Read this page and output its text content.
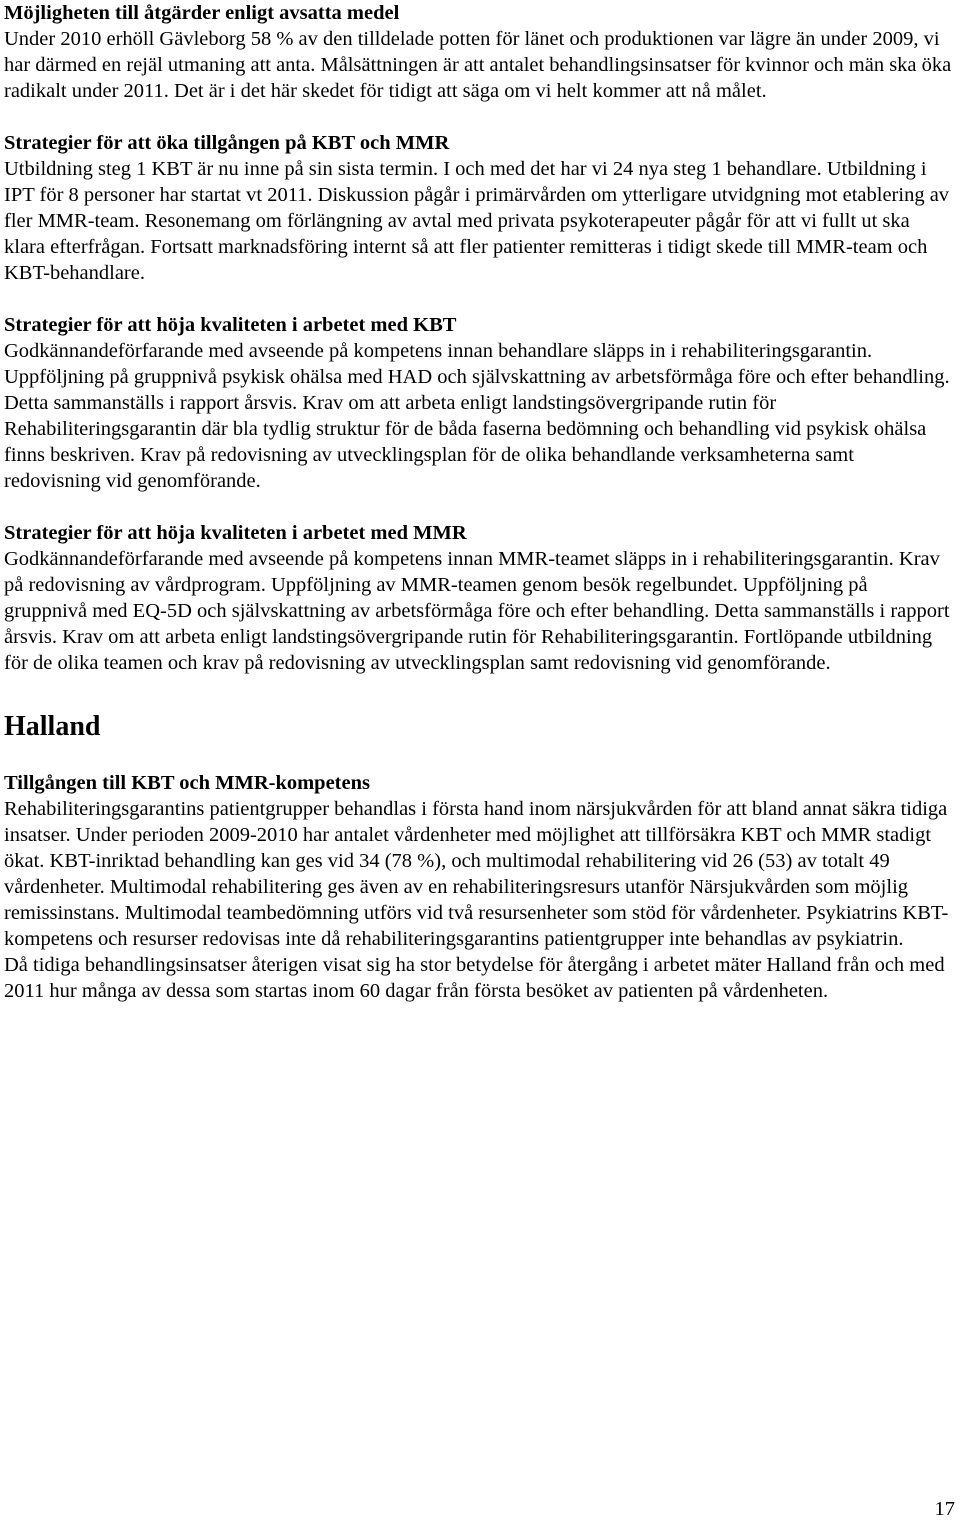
Möjligheten till åtgärder enligt avsatta medel

Under 2010 erhöll Gävleborg 58 % av den tilldelade potten för länet och produktionen var lägre än under 2009, vi har därmed en rejäl utmaning att anta. Målsättningen är att antalet behandlingsinsatser för kvinnor och män ska öka radikalt under 2011. Det är i det här skedet för tidigt att säga om vi helt kommer att nå målet.

Strategier för att öka tillgången på KBT och MMR

Utbildning steg 1 KBT är nu inne på sin sista termin. I och med det har vi 24 nya steg 1 behandlare. Utbildning i IPT för 8 personer har startat vt 2011. Diskussion pågår i primärvården om ytterligare utvidgning mot etablering av fler MMR-team. Resonemang om förlängning av avtal med privata psykoterapeuter pågår för att vi fullt ut ska klara efterfrågan. Fortsatt marknadsföring internt så att fler patienter remitteras i tidigt skede till MMR-team och KBT-behandlare.

Strategier för att höja kvaliteten i arbetet med KBT

Godkännandeförfarande med avseende på kompetens innan behandlare släpps in i rehabiliteringsgarantin. Uppföljning på gruppnivå psykisk ohälsa med HAD och självskattning av arbetsförmåga före och efter behandling. Detta sammanställs i rapport årsvis. Krav om att arbeta enligt landstingsövergripande rutin för Rehabiliteringsgarantin där bla tydlig struktur för de båda faserna bedömning och behandling vid psykisk ohälsa finns beskriven. Krav på redovisning av utvecklingsplan för de olika behandlande verksamheterna samt redovisning vid genomförande.

Strategier för att höja kvaliteten i arbetet med MMR

Godkännandeförfarande med avseende på kompetens innan MMR-teamet släpps in i rehabiliteringsgarantin. Krav på redovisning av vårdprogram. Uppföljning av MMR-teamen genom besök regelbundet. Uppföljning på gruppnivå med EQ-5D och självskattning av arbetsförmåga före och efter behandling. Detta sammanställs i rapport årsvis. Krav om att arbeta enligt landstingsövergripande rutin för Rehabiliteringsgarantin. Fortlöpande utbildning för de olika teamen och krav på redovisning av utvecklingsplan samt redovisning vid genomförande.

Halland

Tillgången till KBT och MMR-kompetens

Rehabiliteringsgarantins patientgrupper behandlas i första hand inom närsjukvården för att bland annat säkra tidiga insatser. Under perioden 2009-2010 har antalet vårdenheter med möjlighet att tillförsäkra KBT och MMR stadigt ökat. KBT-inriktad behandling kan ges vid 34 (78 %), och multimodal rehabilitering vid 26 (53) av totalt 49 vårdenheter. Multimodal rehabilitering ges även av en rehabiliteringsresurs utanför Närsjukvården som möjlig remissinstans. Multimodal teambedömning utförs vid två resursenheter som stöd för vårdenheter. Psykiatrins KBT-kompetens och resurser redovisas inte då rehabiliteringsgarantins patientgrupper inte behandlas av psykiatrin.

Då tidiga behandlingsinsatser återigen visat sig ha stor betydelse för återgång i arbetet mäter Halland från och med 2011 hur många av dessa som startas inom 60 dagar från första besöket av patienten på vårdenheten.

17
